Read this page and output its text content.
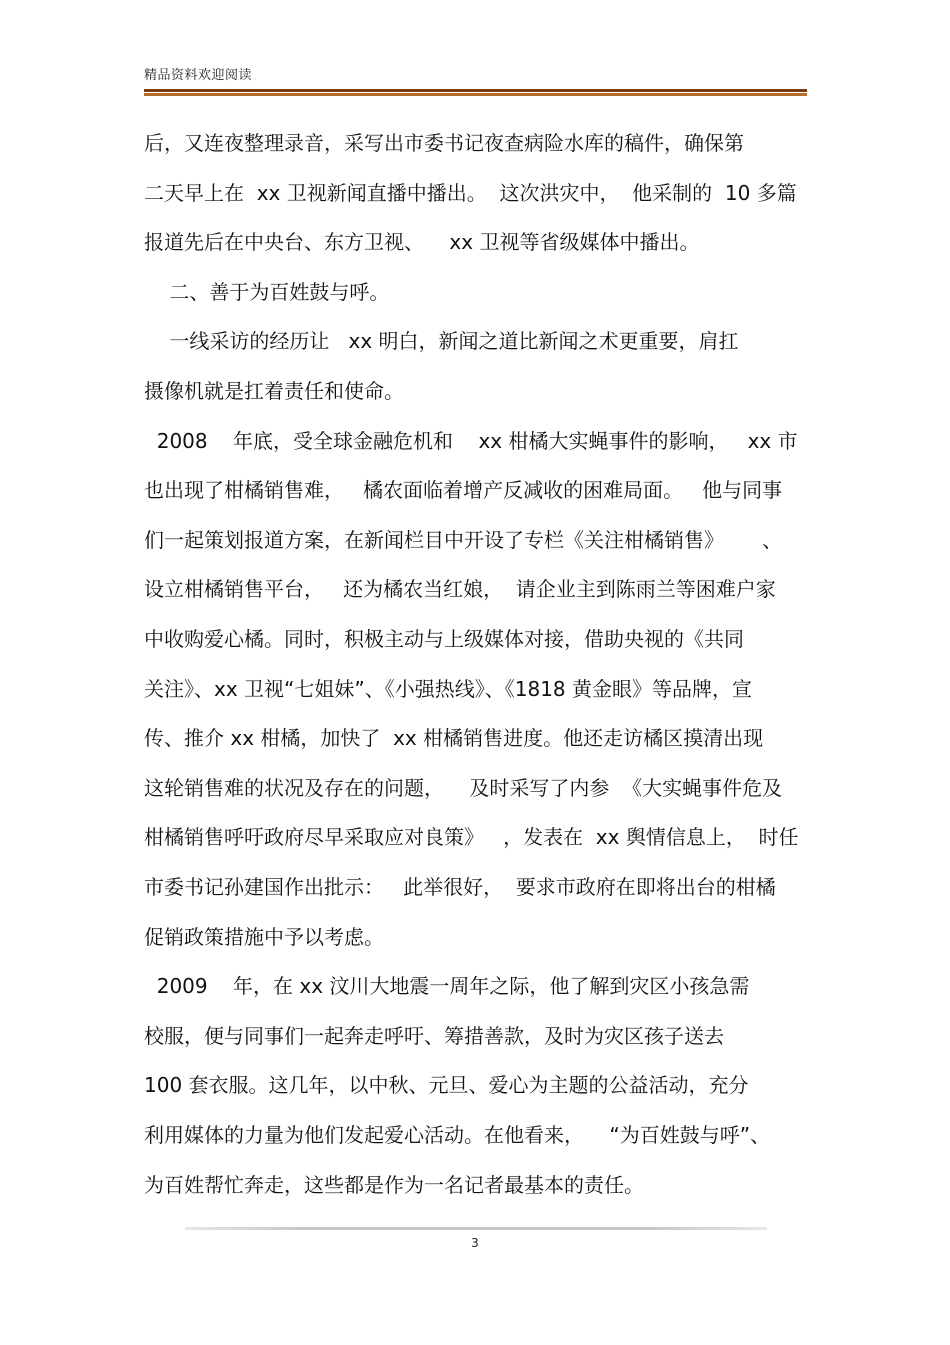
精品资料欢迎阅读
后，又连夜整理录音，采写出市委书记夜查病险水库的稿件，确保第
二天早上在  xx 卫视新闻直播中播出。  这次洪灾中，  他采制的  10 多篇
报道先后在中央台、东方卫视、    xx 卫视等省级媒体中播出。
二、善于为百姓鼓与呼。
一线采访的经历让   xx 明白，新闻之道比新闻之术更重要，肩扛
摄像机就是扛着责任和使命。
2008    年底，受全球金融危机和    xx 柑橘大实蝇事件的影响，   xx 市
也出现了柑橘销售难，   橘农面临着增产反减收的困难局面。   他与同事
们一起策划报道方案，在新闻栏目中开设了专栏《关注柑橘销售》      、
设立柑橘销售平台，   还为橘农当红娘，  请企业主到陈雨兰等困难户家
中收购爱心橘。同时，积极主动与上级媒体对接，借助央视的《共同
关注》、xx 卫视“七姐妹”、《小强热线》、《1818 黄金眼》等品牌，宣
传、推介 xx 柑橘，加快了  xx 柑橘销售进度。他还走访橘区摸清出现
这轮销售难的状况及存在的问题，    及时采写了内参  《大实蝇事件危及
柑橘销售呼吁政府尽早采取应对良策》   ，发表在  xx 舆情信息上，  时任
市委书记孙建国作出批示：   此举很好，  要求市政府在即将出台的柑橘
促销政策措施中予以考虑。
2009    年，在 xx 汶川大地震一周年之际，他了解到灾区小孩急需
校服，便与同事们一起奔走呼吁、筹措善款，及时为灾区孩子送去
100 套衣服。这几年，以中秋、元旦、爱心为主题的公益活动，充分
利用媒体的力量为他们发起爱心活动。在他看来，    “为百姓鼓与呼”、
为百姓帮忙奔走，这些都是作为一名记者最基本的责任。
3
